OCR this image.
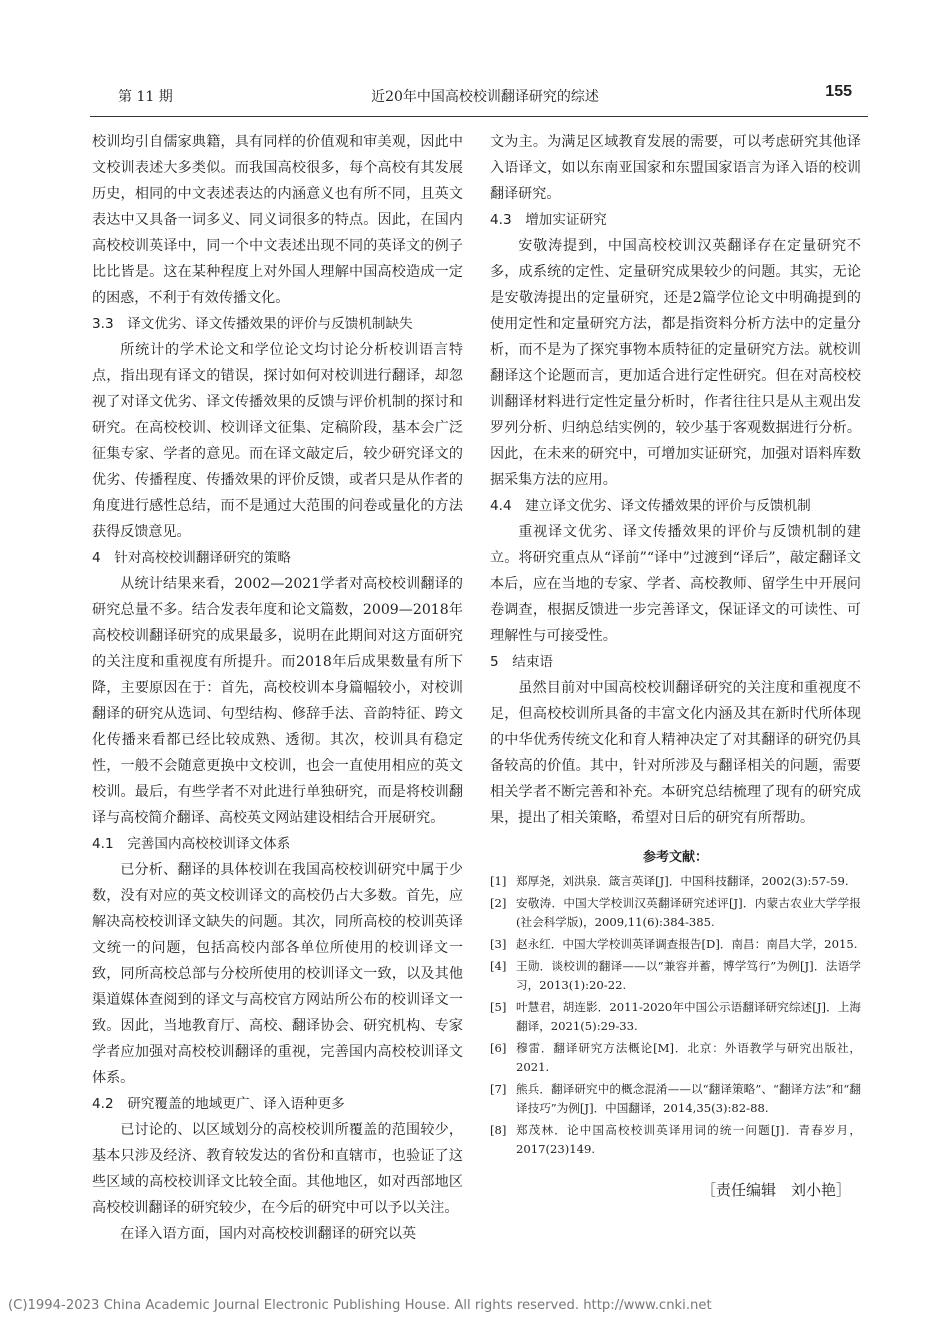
第 11 期	近20年中国高校校训翻译研究的综述	155

校训均引自儒家典籍，具有同样的价值观和审美观，因此中文校训表述大多类似。而我国高校很多，每个高校有其发展历史，相同的中文表述表达的内涵意义也有所不同，且英文表达中又具备一词多义、同义词很多的特点。因此，在国内高校校训英译中，同一个中文表述出现不同的英译文的例子比比皆是。这在某种程度上对外国人理解中国高校造成一定的困惑，不利于有效传播文化。

3.3　译文优劣、译文传播效果的评价与反馈机制缺失

所统计的学术论文和学位论文均讨论分析校训语言特点，指出现有译文的错误，探讨如何对校训进行翻译，却忽视了对译文优劣、译文传播效果的反馈与评价机制的探讨和研究。在高校校训、校训译文征集、定稿阶段，基本会广泛征集专家、学者的意见。而在译文敲定后，较少研究译文的优劣、传播程度、传播效果的评价反馈，或者只是从作者的角度进行感性总结，而不是通过大范围的问卷或量化的方法获得反馈意见。

4　针对高校校训翻译研究的策略

从统计结果来看，2002—2021学者对高校校训翻译的研究总量不多。结合发表年度和论文篇数，2009—2018年高校校训翻译研究的成果最多，说明在此期间对这方面研究的关注度和重视度有所提升。而2018年后成果数量有所下降，主要原因在于：首先，高校校训本身篇幅较小，对校训翻译的研究从选词、句型结构、修辞手法、音韵特征、跨文化传播来看都已经比较成熟、透彻。其次，校训具有稳定性，一般不会随意更换中文校训，也会一直使用相应的英文校训。最后，有些学者不对此进行单独研究，而是将校训翻译与高校简介翻译、高校英文网站建设相结合开展研究。

4.1　完善国内高校校训译文体系

已分析、翻译的具体校训在我国高校校训研究中属于少数，没有对应的英文校训译文的高校仍占大多数。首先，应解决高校校训译文缺失的问题。其次，同所高校的校训英译文统一的问题，包括高校内部各单位所使用的校训译文一致，同所高校总部与分校所使用的校训译文一致，以及其他渠道媒体查阅到的译文与高校官方网站所公布的校训译文一致。因此，当地教育厅、高校、翻译协会、研究机构、专家学者应加强对高校校训翻译的重视，完善国内高校校训译文体系。

4.2　研究覆盖的地域更广、译入语种更多

已讨论的、以区域划分的高校校训所覆盖的范围较少，基本只涉及经济、教育较发达的省份和直辖市，也验证了这些区域的高校校训译文比较全面。其他地区，如对西部地区高校校训翻译的研究较少，在今后的研究中可以予以关注。

在译入语方面，国内对高校校训翻译的研究以英

文为主。为满足区域教育发展的需要，可以考虑研究其他译入语译文，如以东南亚国家和东盟国家语言为译入语的校训翻译研究。

4.3　增加实证研究

安敬涛提到，中国高校校训汉英翻译存在定量研究不多，成系统的定性、定量研究成果较少的问题。其实，无论是安敬涛提出的定量研究，还是2篇学位论文中明确提到的使用定性和定量研究方法，都是指资料分析方法中的定量分析，而不是为了探究事物本质特征的定量研究方法。就校训翻译这个论题而言，更加适合进行定性研究。但在对高校校训翻译材料进行定性定量分析时，作者往往只是从主观出发罗列分析、归纳总结实例的，较少基于客观数据进行分析。因此，在未来的研究中，可增加实证研究，加强对语料库数据采集方法的应用。

4.4　建立译文优劣、译文传播效果的评价与反馈机制

重视译文优劣、译文传播效果的评价与反馈机制的建立。将研究重点从“译前”“译中”过渡到“译后”，敲定翻译文本后，应在当地的专家、学者、高校教师、留学生中开展问卷调查，根据反馈进一步完善译文，保证译文的可读性、可理解性与可接受性。

5　结束语

虽然目前对中国高校校训翻译研究的关注度和重视度不足，但高校校训所具备的丰富文化内涵及其在新时代所体现的中华优秀传统文化和育人精神决定了对其翻译的研究仍具备较高的价值。其中，针对所涉及与翻译相关的问题，需要相关学者不断完善和补充。本研究总结梳理了现有的研究成果，提出了相关策略，希望对日后的研究有所帮助。

参考文献：
[1] 郑厚尧，刘洪泉．箴言英译[J]．中国科技翻译，2002(3):57-59.
[2] 安敬涛．中国大学校训汉英翻译研究述评[J]．内蒙古农业大学学报(社会科学版)，2009,11(6):384-385.
[3] 赵永红．中国大学校训英译调查报告[D]．南昌：南昌大学，2015.
[4] 王勋．谈校训的翻译——以“兼容并蓄，博学笃行”为例[J]．法语学习，2013(1):20-22.
[5] 叶慧君，胡连影．2011-2020年中国公示语翻译研究综述[J]．上海翻译，2021(5):29-33.
[6] 穆雷．翻译研究方法概论[M]．北京：外语教学与研究出版社，2021.
[7] 熊兵．翻译研究中的概念混淆——以“翻译策略”、“翻译方法”和“翻译技巧”为例[J]．中国翻译，2014,35(3):82-88.
[8] 郑茂林．论中国高校校训英译用词的统一问题[J]．青春岁月，2017(23)149.
［责任编辑　刘小艳］
(C)1994-2023 China Academic Journal Electronic Publishing House. All rights reserved. http://www.cnki.net
